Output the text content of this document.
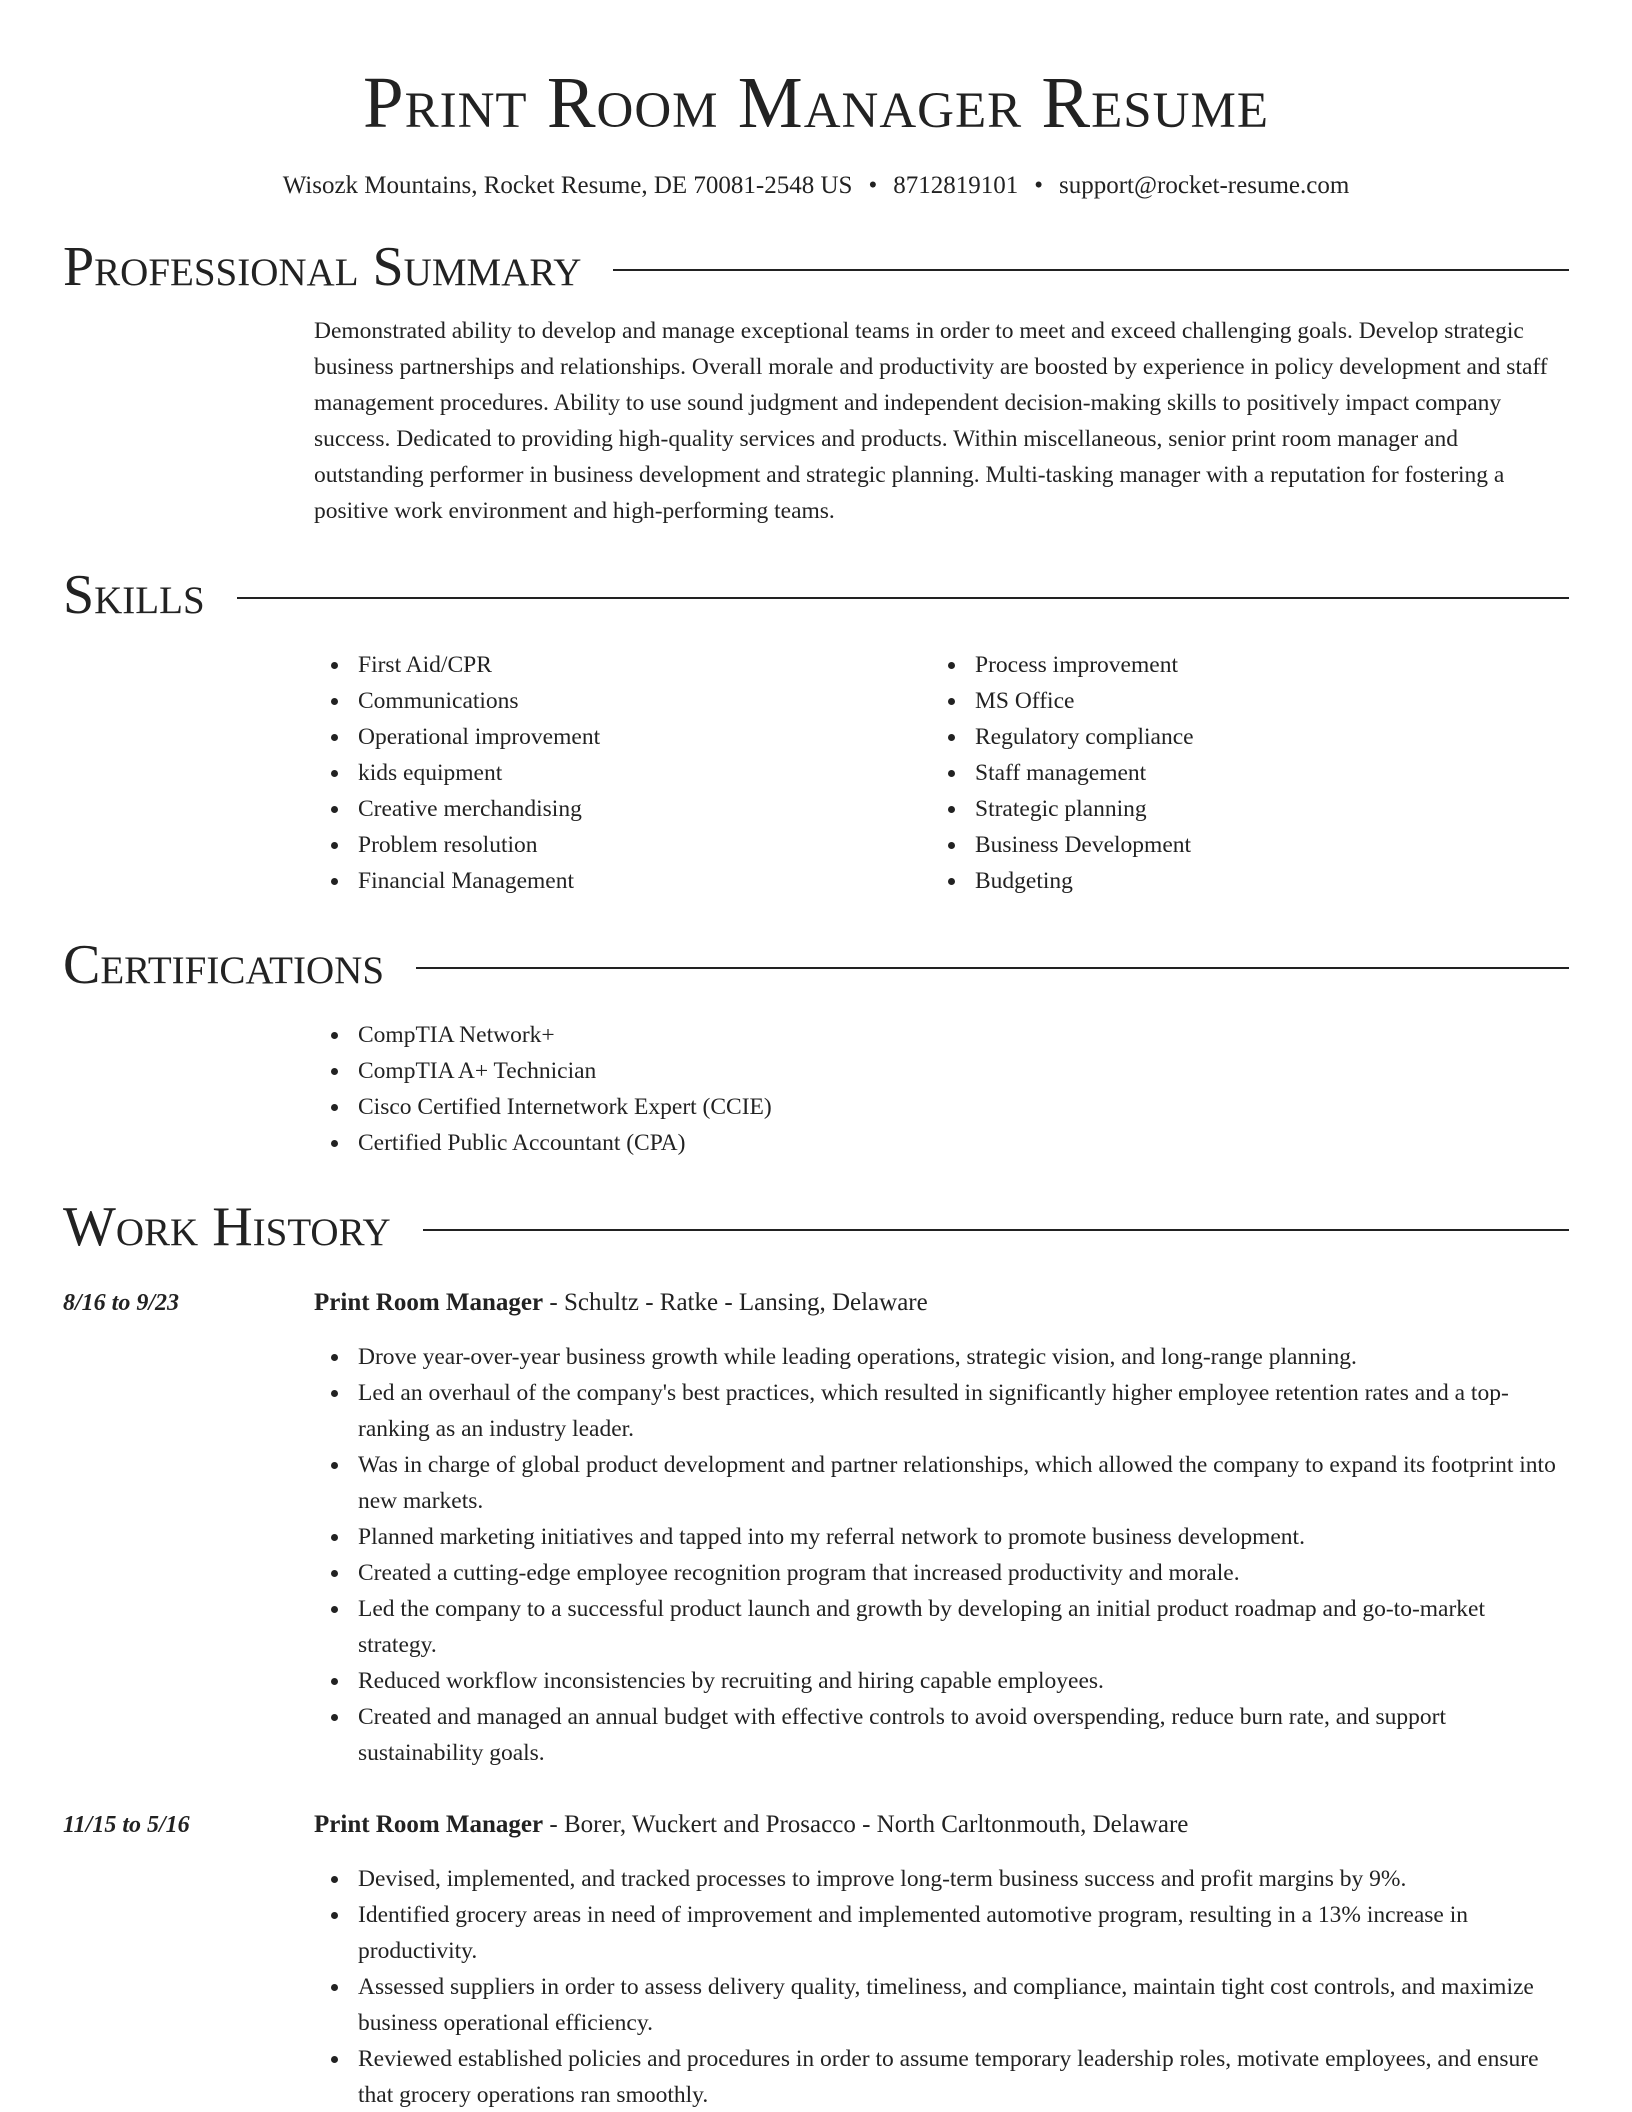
Print Room Manager Resume
Wisozk Mountains, Rocket Resume, DE 70081-2548 US • 8712819101 • support@rocket-resume.com
Professional Summary

Demonstrated ability to develop and manage exceptional teams in order to meet and exceed challenging goals. Develop strategic business partnerships and relationships. Overall morale and productivity are boosted by experience in policy development and staff management procedures. Ability to use sound judgment and independent decision-making skills to positively impact company success. Dedicated to providing high-quality services and products. Within miscellaneous, senior print room manager and outstanding performer in business development and strategic planning. Multi-tasking manager with a reputation for fostering a positive work environment and high-performing teams.

Skills
First Aid/CPR
Communications
Operational improvement
kids equipment
Creative merchandising
Problem resolution
Financial Management
Process improvement
MS Office
Regulatory compliance
Staff management
Strategic planning
Business Development
Budgeting
Certifications
CompTIA Network+
CompTIA A+ Technician
Cisco Certified Internetwork Expert (CCIE)
Certified Public Accountant (CPA)
Work History
8/16 to 9/23	Print Room Manager - Schultz - Ratke - Lansing, Delaware
Drove year-over-year business growth while leading operations, strategic vision, and long-range planning.
Led an overhaul of the company's best practices, which resulted in significantly higher employee retention rates and a top-ranking as an industry leader.
Was in charge of global product development and partner relationships, which allowed the company to expand its footprint into new markets.
Planned marketing initiatives and tapped into my referral network to promote business development.
Created a cutting-edge employee recognition program that increased productivity and morale.
Led the company to a successful product launch and growth by developing an initial product roadmap and go-to-market strategy.
Reduced workflow inconsistencies by recruiting and hiring capable employees.
Created and managed an annual budget with effective controls to avoid overspending, reduce burn rate, and support sustainability goals.
11/15 to 5/16	Print Room Manager - Borer, Wuckert and Prosacco - North Carltonmouth, Delaware
Devised, implemented, and tracked processes to improve long-term business success and profit margins by 9%.
Identified grocery areas in need of improvement and implemented automotive program, resulting in a 13% increase in productivity.
Assessed suppliers in order to assess delivery quality, timeliness, and compliance, maintain tight cost controls, and maximize business operational efficiency.
Reviewed established policies and procedures in order to assume temporary leadership roles, motivate employees, and ensure that grocery operations ran smoothly.
